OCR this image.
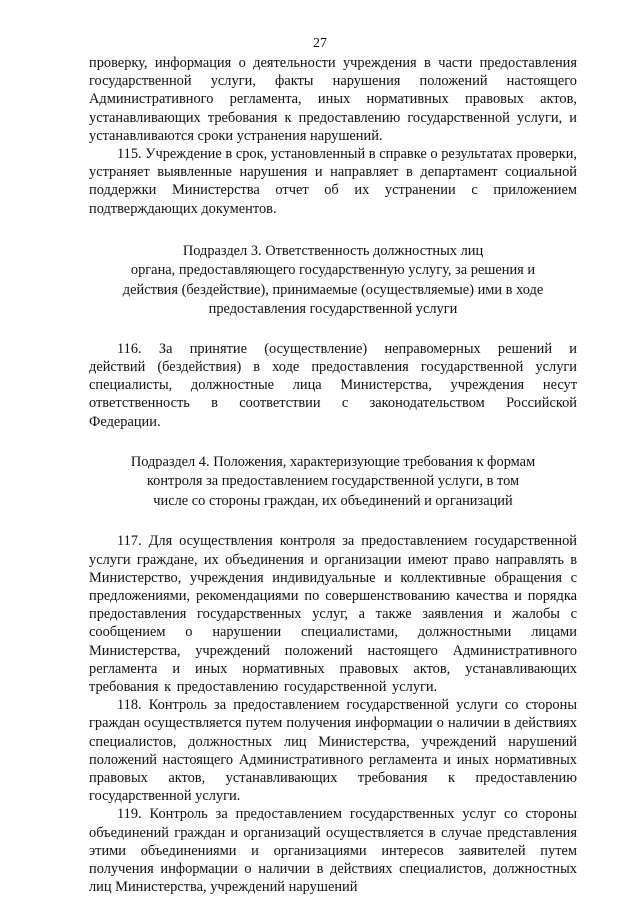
27

проверку, информация о деятельности учреждения в части предоставления государственной услуги, факты нарушения положений настоящего Административного регламента, иных нормативных правовых актов, устанавливающих требования к предоставлению государственной услуги, и устанавливаются сроки устранения нарушений.

115. Учреждение в срок, установленный в справке о результатах проверки, устраняет выявленные нарушения и направляет в департамент социальной поддержки Министерства отчет об их устранении с приложением подтверждающих документов.

Подраздел 3. Ответственность должностных лиц
органа, предоставляющего государственную услугу, за решения и
действия (бездействие), принимаемые (осуществляемые) ими в ходе
предоставления государственной услуги

116. За принятие (осуществление) неправомерных решений и действий (бездействия) в ходе предоставления государственной услуги специалисты, должностные лица Министерства, учреждения несут ответственность в соответствии с законодательством Российской Федерации.

Подраздел 4. Положения, характеризующие требования к формам
контроля за предоставлением государственной услуги, в том
числе со стороны граждан, их объединений и организаций

117. Для осуществления контроля за предоставлением государственной услуги граждане, их объединения и организации имеют право направлять в Министерство, учреждения индивидуальные и коллективные обращения с предложениями, рекомендациями по совершенствованию качества и порядка предоставления государственных услуг, а также заявления и жалобы с сообщением о нарушении специалистами, должностными лицами Министерства, учреждений положений настоящего Административного регламента и иных нормативных правовых актов, устанавливающих требования к предоставлению государственной услуги.

118. Контроль за предоставлением государственной услуги со стороны граждан осуществляется путем получения информации о наличии в действиях специалистов, должностных лиц Министерства, учреждений нарушений положений настоящего Административного регламента и иных нормативных правовых актов, устанавливающих требования к предоставлению государственной услуги.

119. Контроль за предоставлением государственных услуг со стороны объединений граждан и организаций осуществляется в случае представления этими объединениями и организациями интересов заявителей путем получения информации о наличии в действиях специалистов, должностных лиц Министерства, учреждений нарушений
